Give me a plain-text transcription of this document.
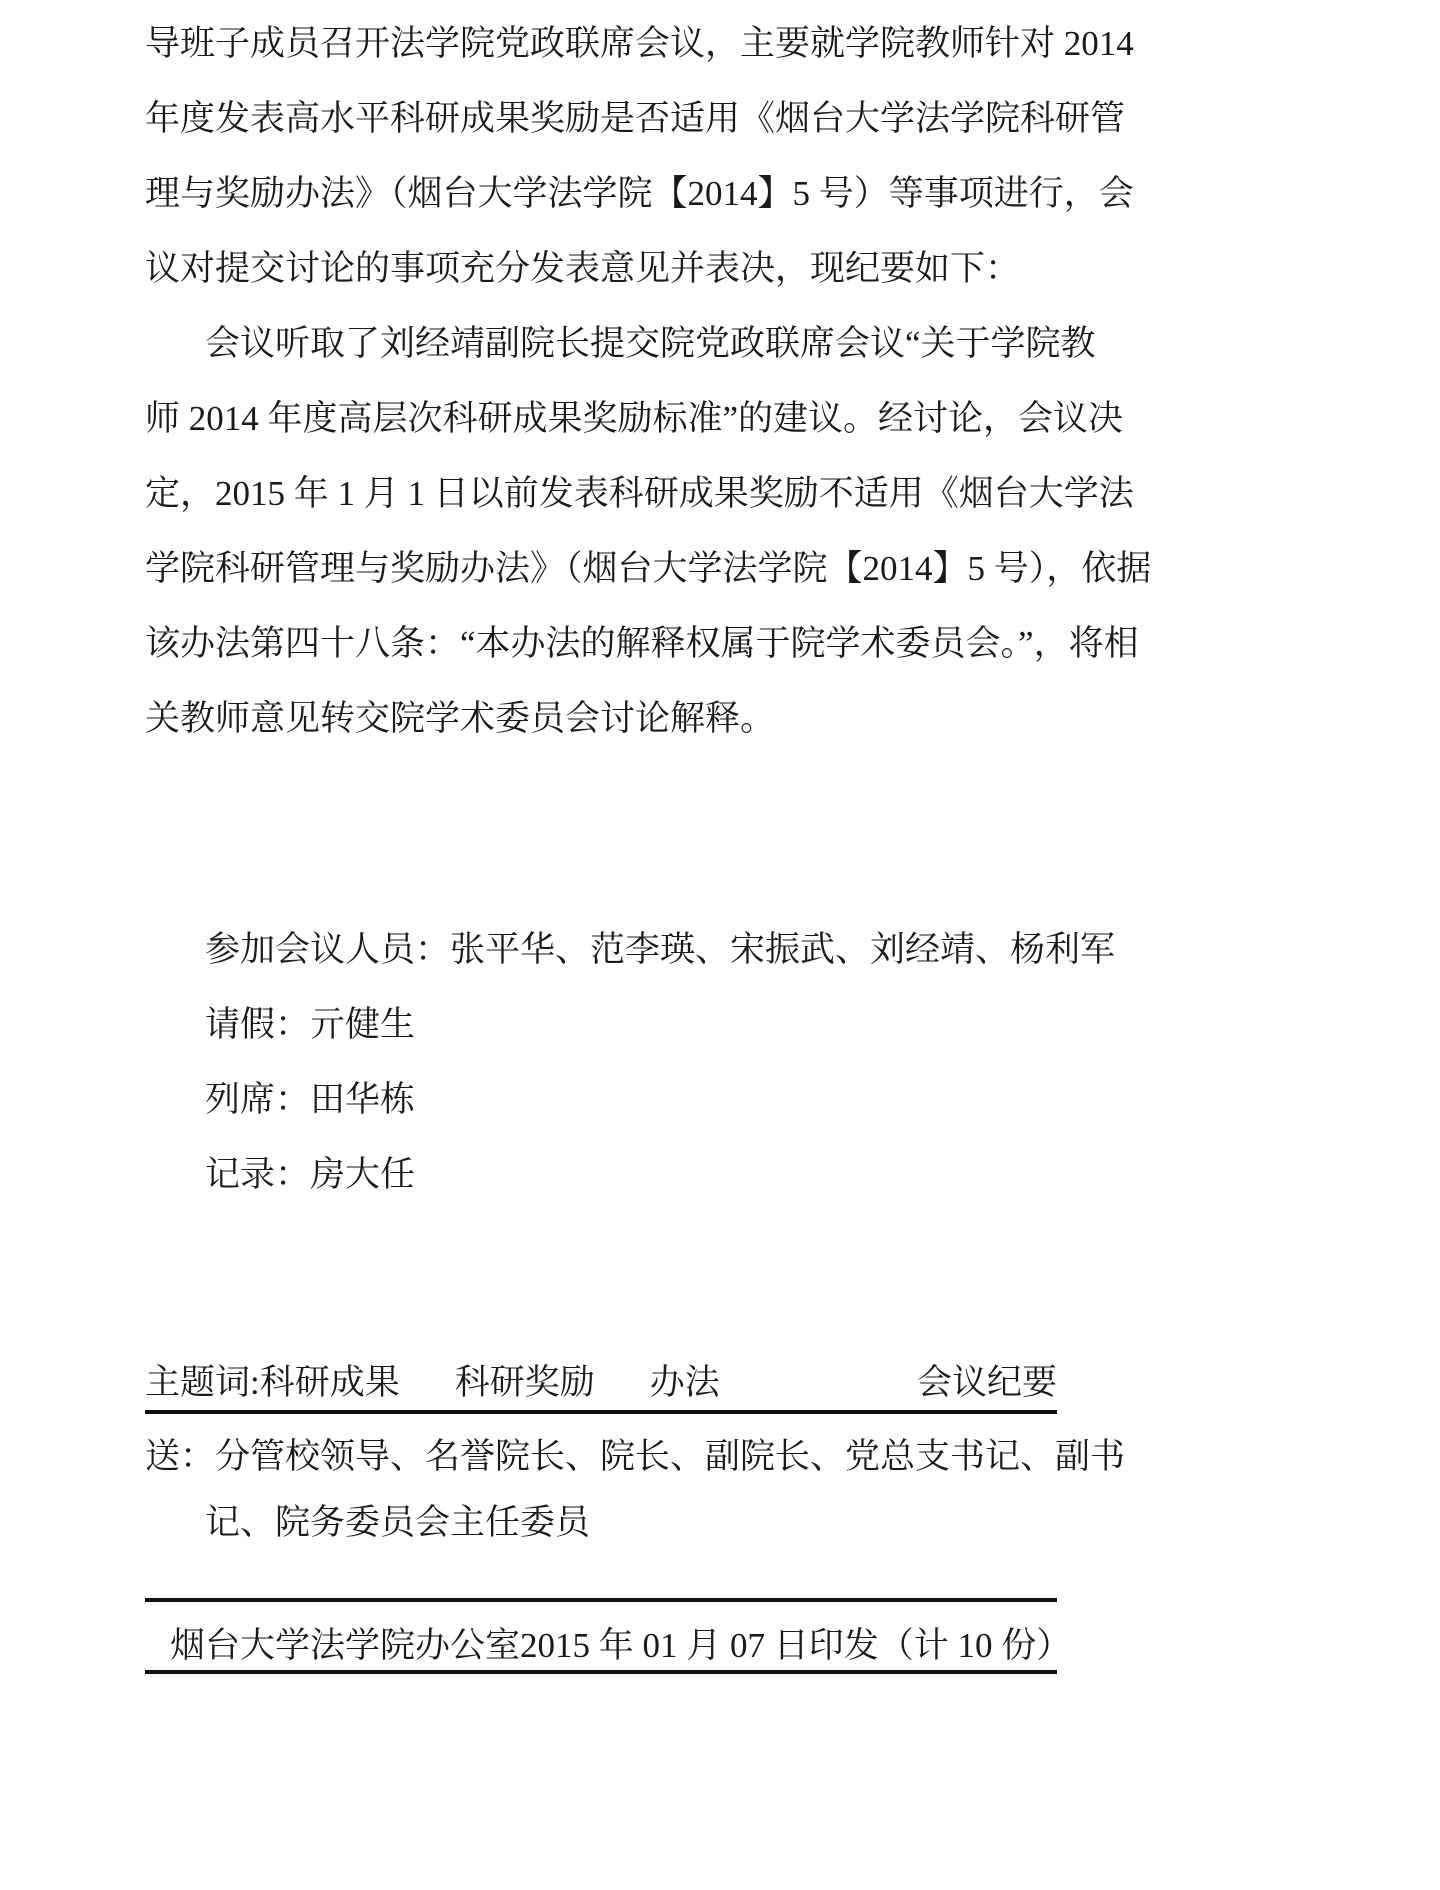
导班子成员召开法学院党政联席会议，主要就学院教师针对 2014
年度发表高水平科研成果奖励是否适用《烟台大学法学院科研管
理与奖励办法》（烟台大学法学院【2014】5 号）等事项进行，会
议对提交讨论的事项充分发表意见并表决，现纪要如下：
会议听取了刘经靖副院长提交院党政联席会议“关于学院教
师 2014 年度高层次科研成果奖励标准”的建议。经讨论，会议决
定，2015 年 1 月 1 日以前发表科研成果奖励不适用《烟台大学法
学院科研管理与奖励办法》（烟台大学法学院【2014】5 号），依据
该办法第四十八条：“本办法的解释权属于院学术委员会。”，将相
关教师意见转交院学术委员会讨论解释。
参加会议人员：张平华、范李瑛、宋振武、刘经靖、杨利军
请假：亓健生
列席：田华栋
记录：房大任
主题词: 科研成果 科研奖励 办法	会议纪要
送：分管校领导、名誉院长、院长、副院长、党总支书记、副书
记、院务委员会主任委员
烟台大学法学院办公室 2015 年 01 月 07 日印发（计 10 份）
